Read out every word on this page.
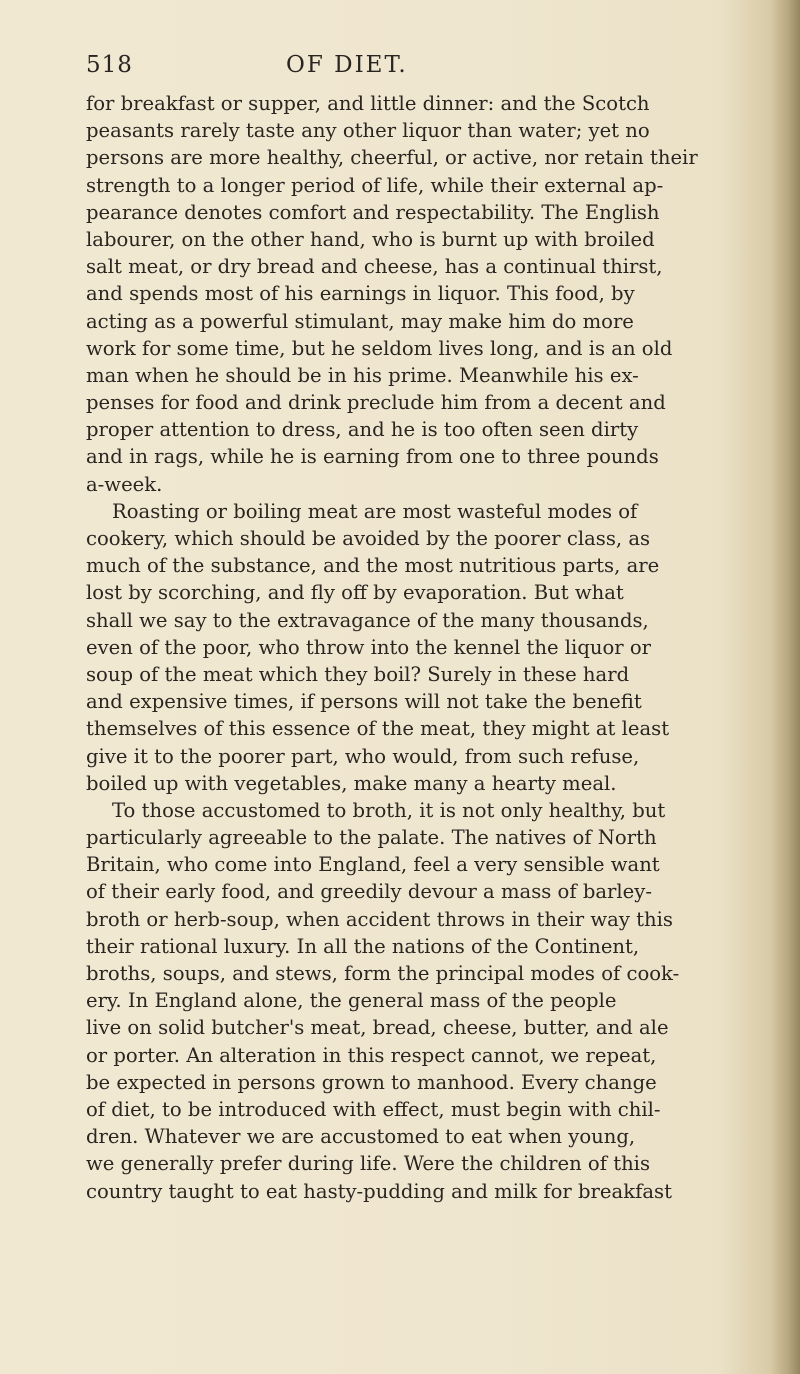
518	OF DIET.
for breakfast or supper, and little dinner: and the Scotch
peasants rarely taste any other liquor than water; yet no
persons are more healthy, cheerful, or active, nor retain their
strength to a longer period of life, while their external ap-
pearance denotes comfort and respectability. The English
labourer, on the other hand, who is burnt up with broiled
salt meat, or dry bread and cheese, has a continual thirst,
and spends most of his earnings in liquor. This food, by
acting as a powerful stimulant, may make him do more
work for some time, but he seldom lives long, and is an old
man when he should be in his prime. Meanwhile his ex-
penses for food and drink preclude him from a decent and
proper attention to dress, and he is too often seen dirty
and in rags, while he is earning from one to three pounds
a-week.
Roasting or boiling meat are most wasteful modes of
cookery, which should be avoided by the poorer class, as
much of the substance, and the most nutritious parts, are
lost by scorching, and fly off by evaporation. But what
shall we say to the extravagance of the many thousands,
even of the poor, who throw into the kennel the liquor or
soup of the meat which they boil? Surely in these hard
and expensive times, if persons will not take the benefit
themselves of this essence of the meat, they might at least
give it to the poorer part, who would, from such refuse,
boiled up with vegetables, make many a hearty meal.
To those accustomed to broth, it is not only healthy, but
particularly agreeable to the palate. The natives of North
Britain, who come into England, feel a very sensible want
of their early food, and greedily devour a mass of barley-
broth or herb-soup, when accident throws in their way this
their rational luxury. In all the nations of the Continent,
broths, soups, and stews, form the principal modes of cook-
ery. In England alone, the general mass of the people
live on solid butcher's meat, bread, cheese, butter, and ale
or porter. An alteration in this respect cannot, we repeat,
be expected in persons grown to manhood. Every change
of diet, to be introduced with effect, must begin with chil-
dren. Whatever we are accustomed to eat when young,
we generally prefer during life. Were the children of this
country taught to eat hasty-pudding and milk for breakfast
